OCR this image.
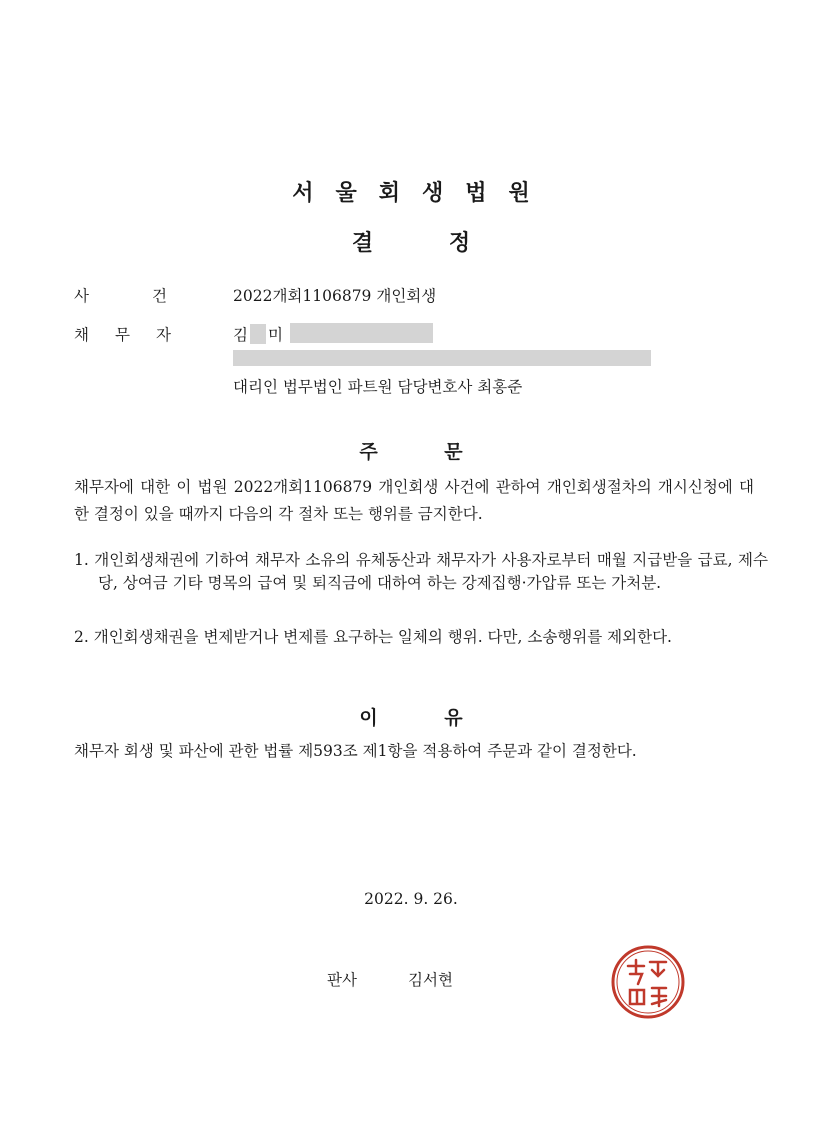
서울회생법원
결 정
사건 2022개회1106879 개인회생
채무자 김 미
대리인 법무법인 파트원 담당변호사 최홍준
주 문
채무자에 대한 이 법원 2022개회1106879 개인회생 사건에 관하여 개인회생절차의 개시신청에 대한 결정이 있을 때까지 다음의 각 절차 또는 행위를 금지한다.
1. 개인회생채권에 기하여 채무자 소유의 유체동산과 채무자가 사용자로부터 매월 지급받을 급료, 제수당, 상여금 기타 명목의 급여 및 퇴직금에 대하여 하는 강제집행·가압류 또는 가처분.
2. 개인회생채권을 변제받거나 변제를 요구하는 일체의 행위. 다만, 소송행위를 제외한다.
이 유
채무자 회생 및 파산에 관한 법률 제593조 제1항을 적용하여 주문과 같이 결정한다.
2022. 9. 26.
판사	김서현
